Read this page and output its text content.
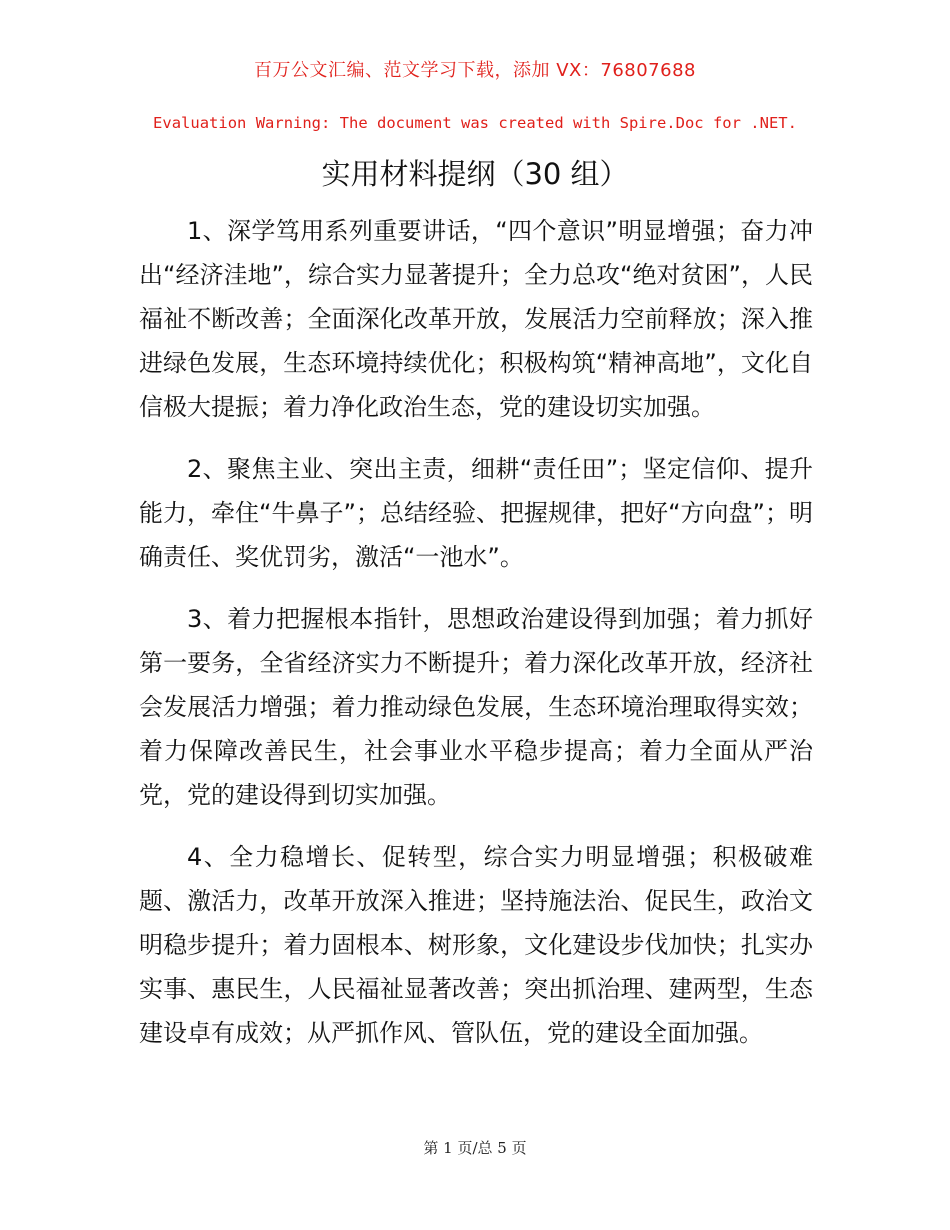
百万公文汇编、范文学习下载，添加 VX：76807688
Evaluation Warning: The document was created with Spire.Doc for .NET.
实用材料提纲（30 组）

1、深学笃用系列重要讲话，“四个意识”明显增强；奋力冲出“经济洼地”，综合实力显著提升；全力总攻“绝对贫困”，人民福祉不断改善；全面深化改革开放，发展活力空前释放；深入推进绿色发展，生态环境持续优化；积极构筑“精神高地”，文化自信极大提振；着力净化政治生态，党的建设切实加强。

2、聚焦主业、突出主责，细耕“责任田”；坚定信仰、提升能力，牵住“牛鼻子”；总结经验、把握规律，把好“方向盘”；明确责任、奖优罚劣，激活“一池水”。

3、着力把握根本指针，思想政治建设得到加强；着力抓好第一要务，全省经济实力不断提升；着力深化改革开放，经济社会发展活力增强；着力推动绿色发展，生态环境治理取得实效；着力保障改善民生，社会事业水平稳步提高；着力全面从严治党，党的建设得到切实加强。

4、全力稳增长、促转型，综合实力明显增强；积极破难题、激活力，改革开放深入推进；坚持施法治、促民生，政治文明稳步提升；着力固根本、树形象，文化建设步伐加快；扎实办实事、惠民生，人民福祉显著改善；突出抓治理、建两型，生态建设卓有成效；从严抓作风、管队伍，党的建设全面加强。

第 1 页/总 5 页
